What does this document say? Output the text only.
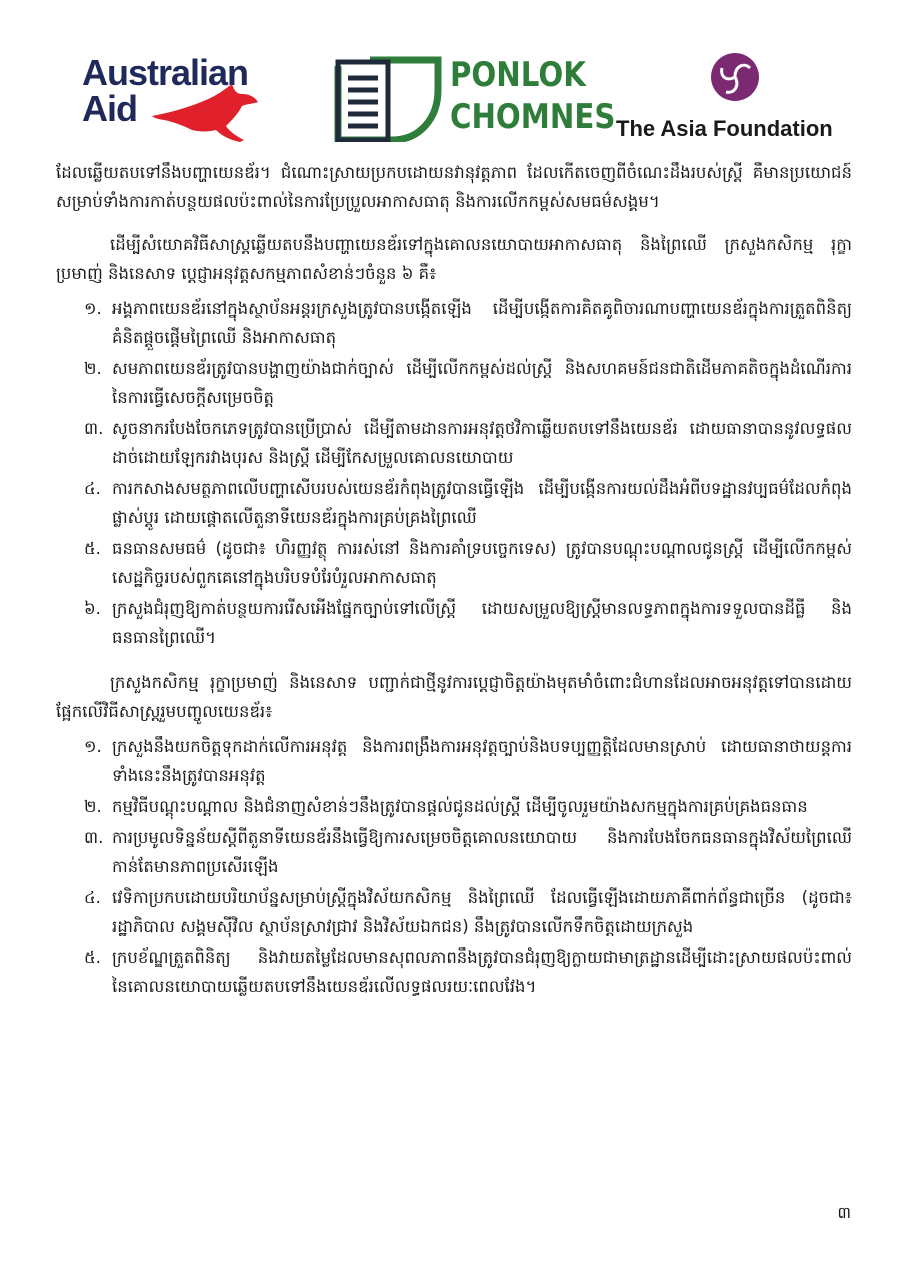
Australian
Aid
PONLOK
CHOMNES The Asia Foundation

ដែលឆ្លើយតបទៅនឹងបញ្ហាយេនឌ័រ។ ជំណោះស្រាយប្រកបដោយនវានុវត្តភាព ដែលកើតចេញពីចំណេះដឹងរបស់ស្ត្រី គឺមានប្រយោជន៍សម្រាប់ទាំងការកាត់បន្ថយផលប៉ះពាល់នៃការប្រែប្រួលអាកាសធាតុ និងការលើកកម្ពស់សមធម៌សង្គម។

ដើម្បីសំយោគវិធីសាស្ត្រឆ្លើយតបនឹងបញ្ហាយេនឌ័រទៅក្នុងគោលនយោបាយអាកាសធាតុ និងព្រៃឈើ ក្រសួងកសិកម្ម រុក្ខាប្រមាញ់ និងនេសាទ ប្ដេជ្ញាអនុវត្តសកម្មភាពសំខាន់ៗចំនួន ៦ គឺ៖

១. អង្គភាពយេនឌ័រនៅក្នុងស្ថាប័នអន្តរក្រសួងត្រូវបានបង្កើតឡើង ដើម្បីបង្កើតការគិតគូពិចារណាបញ្ហាយេនឌ័រក្នុងការត្រួតពិនិត្យគំនិតផ្ដួចផ្ដើមព្រៃឈើ និងអាកាសធាតុ
២. សមភាពយេនឌ័រត្រូវបានបង្ហាញយ៉ាងជាក់ច្បាស់ ដើម្បីលើកកម្ពស់ដល់ស្ត្រី និងសហគមន៍ជនជាតិដើមភាគតិចក្នុងដំណើរការនៃការធ្វើសេចក្ដីសម្រេចចិត្ត
៣. សូចនាករបែងចែកភេទត្រូវបានប្រើប្រាស់ ដើម្បីតាមដានការអនុវត្តថវិកាឆ្លើយតបទៅនឹងយេនឌ័រ ដោយធានាបាននូវលទ្ធផលដាច់ដោយឡែករវាងបុរស និងស្ត្រី ដើម្បីកែសម្រួលគោលនយោបាយ
៤. ការកសាងសមត្ថភាពលើបញ្ហាសើបរបស់យេនឌ័រកំពុងត្រូវបានធ្វើឡើង ដើម្បីបង្កើនការយល់ដឹងអំពីបទដ្ឋានវប្បធម៌ដែលកំពុងផ្លាស់ប្ដូរ ដោយផ្ដោតលើតួនាទីយេនឌ័រក្នុងការគ្រប់គ្រងព្រៃឈើ
៥. ធនធានសមធម៌ (ដូចជា៖ ហិរញ្ញវត្ថុ ការរស់នៅ និងការគាំទ្របច្ចេកទេស) ត្រូវបានបណ្ដុះបណ្ដាលជូនស្ត្រី ដើម្បីលើកកម្ពស់សេដ្ឋកិច្ចរបស់ពួកគេនៅក្នុងបរិបទបំរែបំរួលអាកាសធាតុ
៦. ក្រសួងជំរុញឱ្យកាត់បន្ថយការរើសអើងផ្នែកច្បាប់ទៅលើស្ត្រី ដោយសម្រួលឱ្យស្ត្រីមានលទ្ធភាពក្នុងការទទួលបានដីធ្លី និងធនធានព្រៃឈើ។

ក្រសួងកសិកម្ម រុក្ខាប្រមាញ់ និងនេសាទ បញ្ជាក់ជាថ្មីនូវការប្ដេជ្ញាចិត្តយ៉ាងមុតមាំចំពោះជំហានដែលអាចអនុវត្តទៅបានដោយផ្អែកលើវិធីសាស្ត្ររួមបញ្ចូលយេនឌ័រ៖

១. ក្រសួងនឹងយកចិត្តទុកដាក់លើការអនុវត្ត និងការពង្រឹងការអនុវត្តច្បាប់និងបទប្បញ្ញត្តិដែលមានស្រាប់ ដោយធានាថាយន្តការទាំងនេះនឹងត្រូវបានអនុវត្ត
២. កម្មវិធីបណ្ដុះបណ្ដាល និងជំនាញសំខាន់ៗនឹងត្រូវបានផ្ដល់ជូនដល់ស្ត្រី ដើម្បីចូលរួមយ៉ាងសកម្មក្នុងការគ្រប់គ្រងធនធាន
៣. ការប្រមូលទិន្នន័យស្ដីពីតួនាទីយេនឌ័រនឹងធ្វើឱ្យការសម្រេចចិត្តគោលនយោបាយ និងការបែងចែកធនធានក្នុងវិស័យព្រៃឈើកាន់តែមានភាពប្រសើរឡើង
៤. វេទិកាប្រកបដោយបរិយាប័ន្នសម្រាប់ស្ត្រីក្នុងវិស័យកសិកម្ម និងព្រៃឈើ ដែលធ្វើឡើងដោយភាគីពាក់ព័ន្ធជាច្រើន (ដូចជា៖ រដ្ឋាភិបាល សង្គមស៊ីវិល ស្ថាប័នស្រាវជ្រាវ និងវិស័យឯកជន) នឹងត្រូវបានលើកទឹកចិត្តដោយក្រសួង
៥. ក្របខ័ណ្ឌត្រួតពិនិត្យ និងវាយតម្លៃដែលមានសុពលភាពនឹងត្រូវបានជំរុញឱ្យក្លាយជាមាត្រដ្ឋានដើម្បីដោះស្រាយផលប៉ះពាល់នៃគោលនយោបាយឆ្លើយតបទៅនឹងយេនឌ័រលើលទ្ធផលរយៈពេលវែង។
៣
